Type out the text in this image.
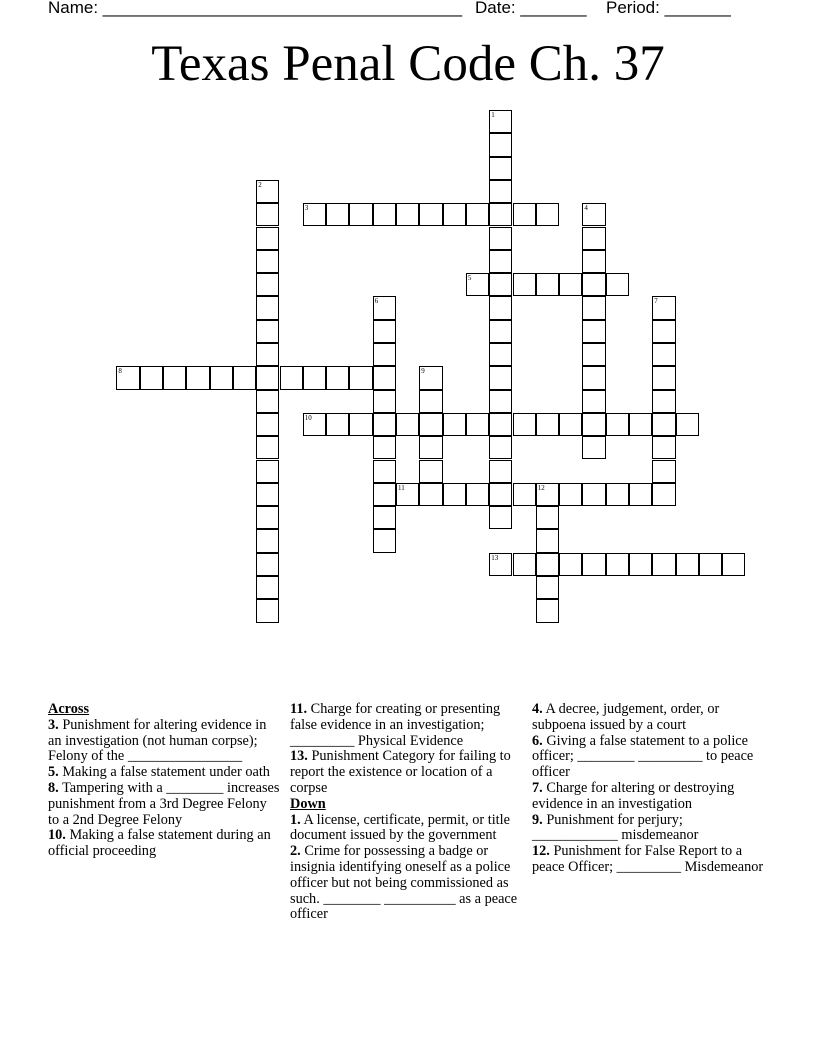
Name: ______________________________________ Date: _______ Period: _______
Texas Penal Code Ch. 37
1
2
3	4
5
6	7
8	9
10
11	12
13

Across

3. Punishment for altering evidence in an investigation (not human corpse); Felony of the ________________

5. Making a false statement under oath

8. Tampering with a ________ increases punishment from a 3rd Degree Felony to a 2nd Degree Felony

10. Making a false statement during an official proceeding

11. Charge for creating or presenting false evidence in an investigation; _________ Physical Evidence

13. Punishment Category for failing to report the existence or location of a corpse

Down

1. A license, certificate, permit, or title document issued by the government

2. Crime for possessing a badge or insignia identifying oneself as a police officer but not being commissioned as such. ________ __________ as a peace officer

4. A decree, judgement, order, or subpoena issued by a court

6. Giving a false statement to a police officer; ________ _________ to peace officer

7. Charge for altering or destroying evidence in an investigation

9. Punishment for perjury; ____________ misdemeanor

12. Punishment for False Report to a peace Officer; _________ Misdemeanor
